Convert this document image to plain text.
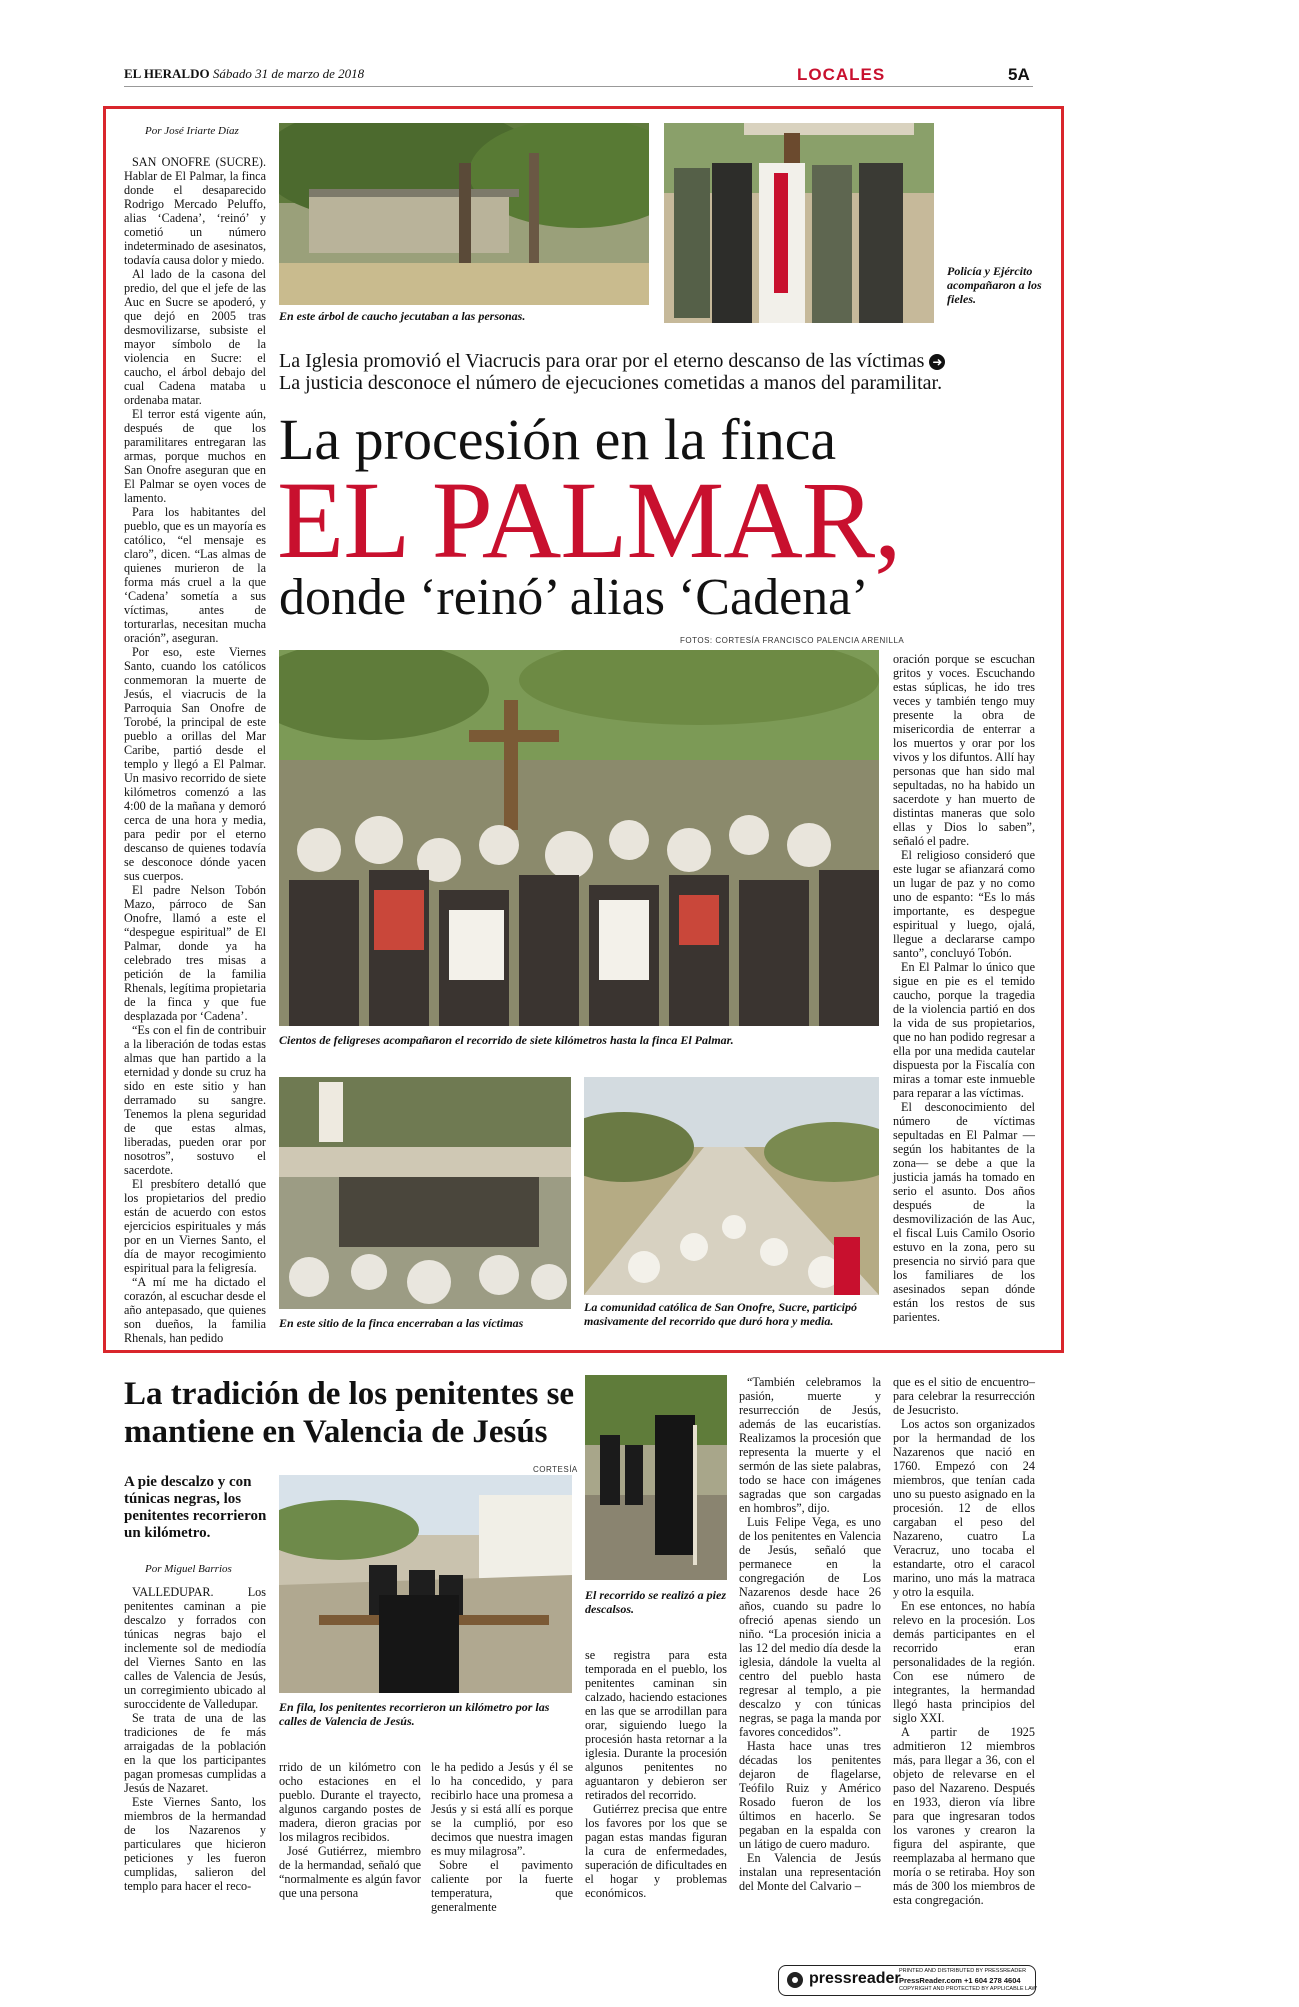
EL HERALDO Sábado 31 de marzo de 2018	LOCALES	5A
Por José Iriarte Díaz

SAN ONOFRE (SUCRE). Hablar de El Palmar, la finca donde el desaparecido Rodrigo Mercado Peluffo, alias ‘Cadena’, ‘reinó’ y cometió un número indeterminado de asesinatos, todavía causa dolor y miedo.

Al lado de la casona del predio, del que el jefe de las Auc en Sucre se apoderó, y que dejó en 2005 tras desmovilizarse, subsiste el mayor símbolo de la violencia en Sucre: el caucho, el árbol debajo del cual Cadena mataba u ordenaba matar.

El terror está vigente aún, después de que los paramilitares entregaran las armas, porque muchos en San Onofre aseguran que en El Palmar se oyen voces de lamento.

Para los habitantes del pueblo, que es un mayoría es católico, “el mensaje es claro”, dicen. “Las almas de quienes murieron de la forma más cruel a la que ‘Cadena’ sometía a sus víctimas, antes de torturarlas, necesitan mucha oración”, aseguran.

Por eso, este Viernes Santo, cuando los católicos conmemoran la muerte de Jesús, el viacrucis de la Parroquia San Onofre de Torobé, la principal de este pueblo a orillas del Mar Caribe, partió desde el templo y llegó a El Palmar. Un masivo recorrido de siete kilómetros comenzó a las 4:00 de la mañana y demoró cerca de una hora y media, para pedir por el eterno descanso de quienes todavía se desconoce dónde yacen sus cuerpos.

El padre Nelson Tobón Mazo, párroco de San Onofre, llamó a este el “despegue espiritual” de El Palmar, donde ya ha celebrado tres misas a petición de la familia Rhenals, legítima propietaria de la finca y que fue desplazada por ‘Cadena’.

“Es con el fin de contribuir a la liberación de todas estas almas que han partido a la eternidad y donde su cruz ha sido en este sitio y han derramado su sangre. Tenemos la plena seguridad de que estas almas, liberadas, pueden orar por nosotros”, sostuvo el sacerdote.

El presbítero detalló que los propietarios del predio están de acuerdo con estos ejercicios espirituales y más por en un Viernes Santo, el día de mayor recogimiento espiritual para la feligresía.

“A mí me ha dictado el corazón, al escuchar desde el año antepasado, que quienes son dueños, la familia Rhenals, han pedido

En este árbol de caucho jecutaban a las personas.
Policía y Ejército acompañaron a los fieles.
La Iglesia promovió el Viacrucis para orar por el eterno descanso de las víctimas ➜
La justicia desconoce el número de ejecuciones cometidas a manos del paramilitar.
La procesión en la finca
EL PALMAR,
donde ‘reinó’ alias ‘Cadena’
FOTOS: CORTESÍA FRANCISCO PALENCIA ARENILLA
Cientos de feligreses acompañaron el recorrido de siete kilómetros hasta la finca El Palmar.
En este sitio de la finca encerraban a las víctimas
La comunidad católica de San Onofre, Sucre, participó masivamente del recorrido que duró hora y media.

oración porque se escuchan gritos y voces. Escuchando estas súplicas, he ido tres veces y también tengo muy presente la obra de misericordia de enterrar a los muertos y orar por los vivos y los difuntos. Allí hay personas que han sido mal sepultadas, no ha habido un sacerdote y han muerto de distintas maneras que solo ellas y Dios lo saben”, señaló el padre.

El religioso consideró que este lugar se afianzará como un lugar de paz y no como uno de espanto: “Es lo más importante, es despegue espiritual y luego, ojalá, llegue a declararse campo santo”, concluyó Tobón.

En El Palmar lo único que sigue en pie es el temido caucho, porque la tragedia de la violencia partió en dos la vida de sus propietarios, que no han podido regresar a ella por una medida cautelar dispuesta por la Fiscalía con miras a tomar este inmueble para reparar a las víctimas.

El desconocimiento del número de víctimas sepultadas en El Palmar —según los habitantes de la zona— se debe a que la justicia jamás ha tomado en serio el asunto. Dos años después de la desmovilización de las Auc, el fiscal Luis Camilo Osorio estuvo en la zona, pero su presencia no sirvió para que los familiares de los asesinados sepan dónde están los restos de sus parientes.

La tradición de los penitentes se mantiene en Valencia de Jesús
A pie descalzo y con túnicas negras, los penitentes recorrieron un kilómetro.
Por Miguel Barrios
CORTESÍA
En fila, los penitentes recorrieron un kilómetro por las calles de Valencia de Jesús.
El recorrido se realizó a piez descalsos.

VALLEDUPAR. Los penitentes caminan a pie descalzo y forrados con túnicas negras bajo el inclemente sol de mediodía del Viernes Santo en las calles de Valencia de Jesús, un corregimiento ubicado al suroccidente de Valledupar.

Se trata de una de las tradiciones de fe más arraigadas de la población en la que los participantes pagan promesas cumplidas a Jesús de Nazaret.

Este Viernes Santo, los miembros de la hermandad de los Nazarenos y particulares que hicieron peticiones y les fueron cumplidas, salieron del templo para hacer el reco-

rrido de un kilómetro con ocho estaciones en el pueblo. Durante el trayecto, algunos cargando postes de madera, dieron gracias por los milagros recibidos.

José Gutiérrez, miembro de la hermandad, señaló que “normalmente es algún favor que una persona

le ha pedido a Jesús y él se lo ha concedido, y para recibirlo hace una promesa a Jesús y si está allí es porque se la cumplió, por eso decimos que nuestra imagen es muy milagrosa”.

Sobre el pavimento caliente por la fuerte temperatura, que generalmente

se registra para esta temporada en el pueblo, los penitentes caminan sin calzado, haciendo estaciones en las que se arrodillan para orar, siguiendo luego la procesión hasta retornar a la iglesia. Durante la procesión algunos penitentes no aguantaron y debieron ser retirados del recorrido.

Gutiérrez precisa que entre los favores por los que se pagan estas mandas figuran la cura de enfermedades, superación de dificultades en el hogar y problemas económicos.

“También celebramos la pasión, muerte y resurrección de Jesús, además de las eucaristías. Realizamos la procesión que representa la muerte y el sermón de las siete palabras, todo se hace con imágenes sagradas que son cargadas en hombros”, dijo.

Luis Felipe Vega, es uno de los penitentes en Valencia de Jesús, señaló que permanece en la congregación de Los Nazarenos desde hace 26 años, cuando su padre lo ofreció apenas siendo un niño. “La procesión inicia a las 12 del medio día desde la iglesia, dándole la vuelta al centro del pueblo hasta regresar al templo, a pie descalzo y con túnicas negras, se paga la manda por favores concedidos”.

Hasta hace unas tres décadas los penitentes dejaron de flagelarse, Teófilo Ruiz y Américo Rosado fueron de los últimos en hacerlo. Se pegaban en la espalda con un látigo de cuero maduro.

En Valencia de Jesús instalan una representación del Monte del Calvario –

que es el sitio de encuentro–para celebrar la resurrección de Jesucristo.

Los actos son organizados por la hermandad de los Nazarenos que nació en 1760. Empezó con 24 miembros, que tenían cada uno su puesto asignado en la procesión. 12 de ellos cargaban el peso del Nazareno, cuatro La Veracruz, uno tocaba el estandarte, otro el caracol marino, uno más la matraca y otro la esquila.

En ese entonces, no había relevo en la procesión. Los demás participantes en el recorrido eran personalidades de la región. Con ese número de integrantes, la hermandad llegó hasta principios del siglo XXI.

A partir de 1925 admitieron 12 miembros más, para llegar a 36, con el objeto de relevarse en el paso del Nazareno. Después en 1933, dieron vía libre para que ingresaran todos los varones y crearon la figura del aspirante, que reemplazaba al hermano que moría o se retiraba. Hoy son más de 300 los miembros de esta congregación.

pressreader
PRINTED AND DISTRIBUTED BY PRESSREADER
PressReader.com +1 604 278 4604
COPYRIGHT AND PROTECTED BY APPLICABLE LAW
